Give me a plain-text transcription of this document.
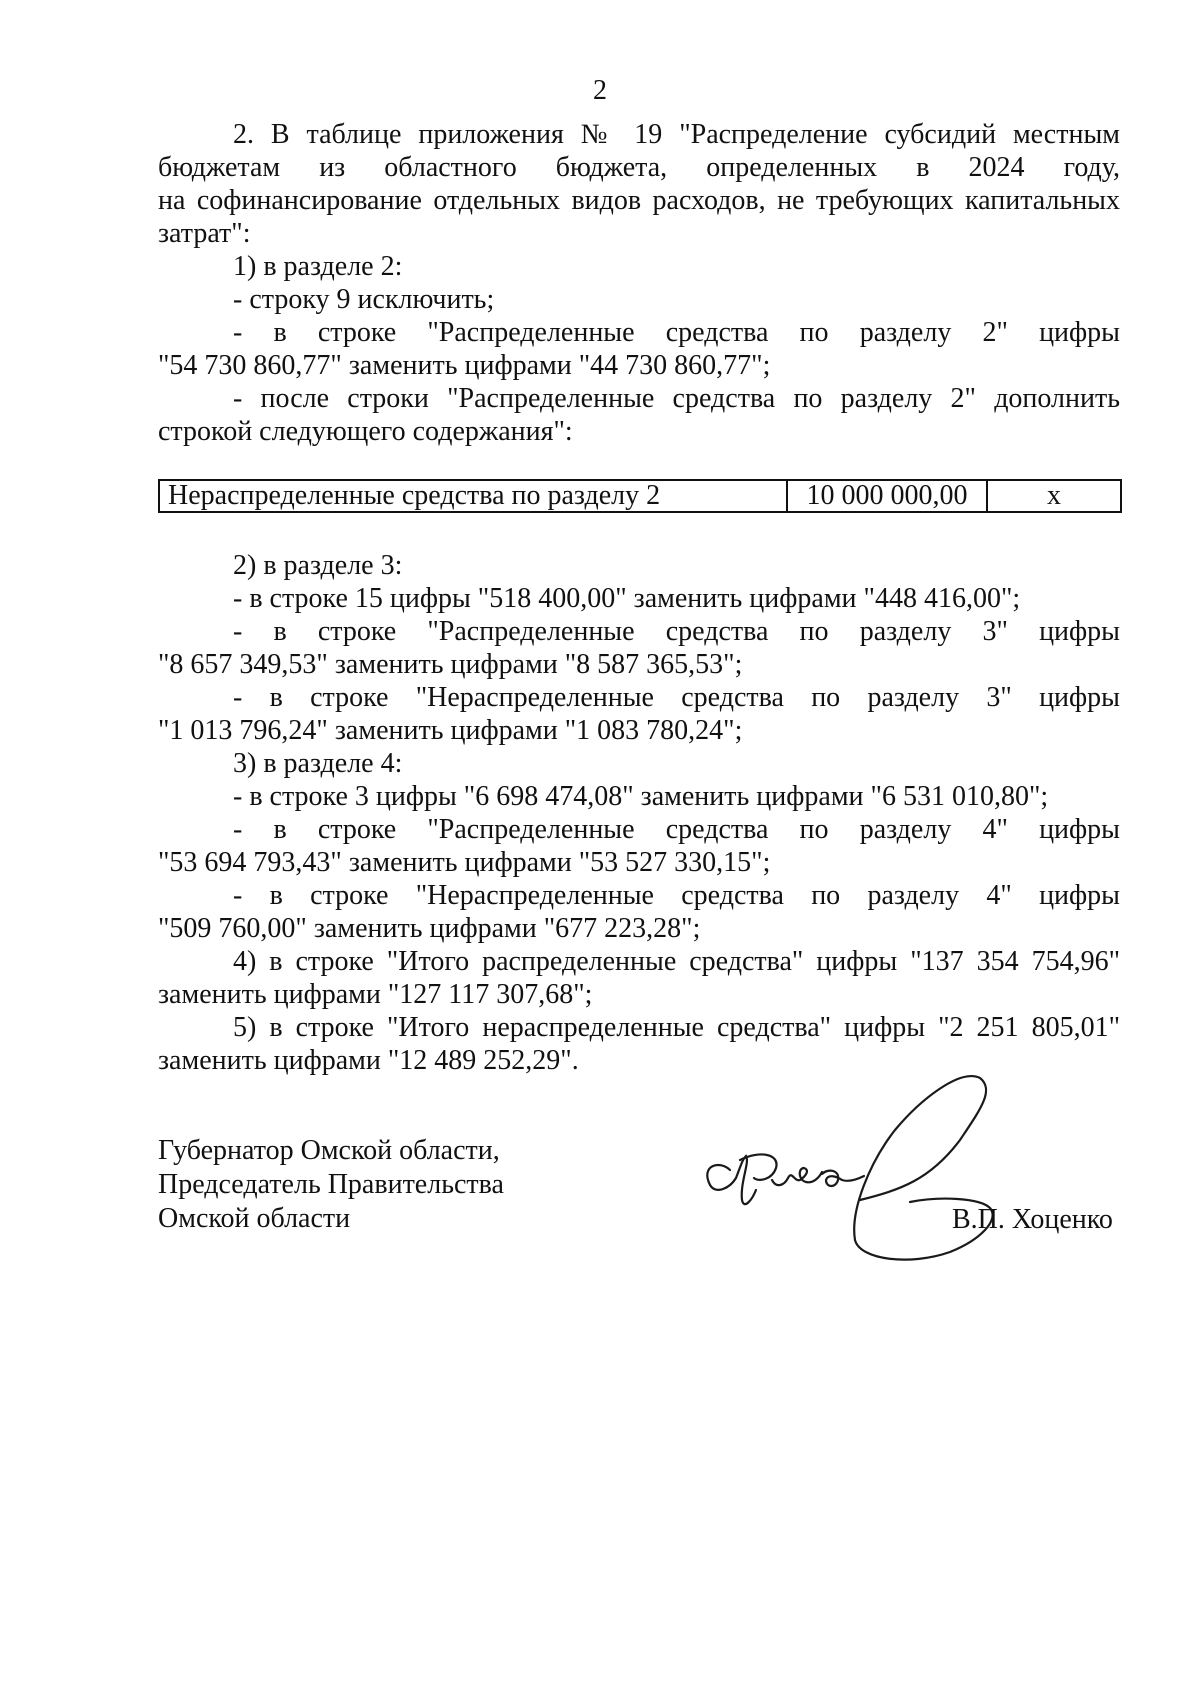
2

2. В таблице приложения № 19 "Распределение субсидий местным

бюджетам из областного бюджета, определенных в 2024 году,

на софинансирование отдельных видов расходов, не требующих капитальных

затрат":

1) в разделе 2:

- строку 9 исключить;

- в строке "Распределенные средства по разделу 2" цифры

"54 730 860,77" заменить цифрами "44 730 860,77";

- после строки "Распределенные средства по разделу 2" дополнить

строкой следующего содержания":

Нераспределенные средства по разделу 2	10 000 000,00	х

2) в разделе 3:

- в строке 15 цифры "518 400,00" заменить цифрами "448 416,00";

- в строке "Распределенные средства по разделу 3" цифры

"8 657 349,53" заменить цифрами "8 587 365,53";

- в строке "Нераспределенные средства по разделу 3" цифры

"1 013 796,24" заменить цифрами "1 083 780,24";

3) в разделе 4:

- в строке 3 цифры "6 698 474,08" заменить цифрами "6 531 010,80";

- в строке "Распределенные средства по разделу 4" цифры

"53 694 793,43" заменить цифрами "53 527 330,15";

- в строке "Нераспределенные средства по разделу 4" цифры

"509 760,00" заменить цифрами "677 223,28";

4) в строке "Итого распределенные средства" цифры "137 354 754,96"

заменить цифрами "127 117 307,68";

5) в строке "Итого нераспределенные средства" цифры "2 251 805,01"

заменить цифрами "12 489 252,29".

Губернатор Омской области,
Председатель Правительства
Омской области	В.П. Хоценко
